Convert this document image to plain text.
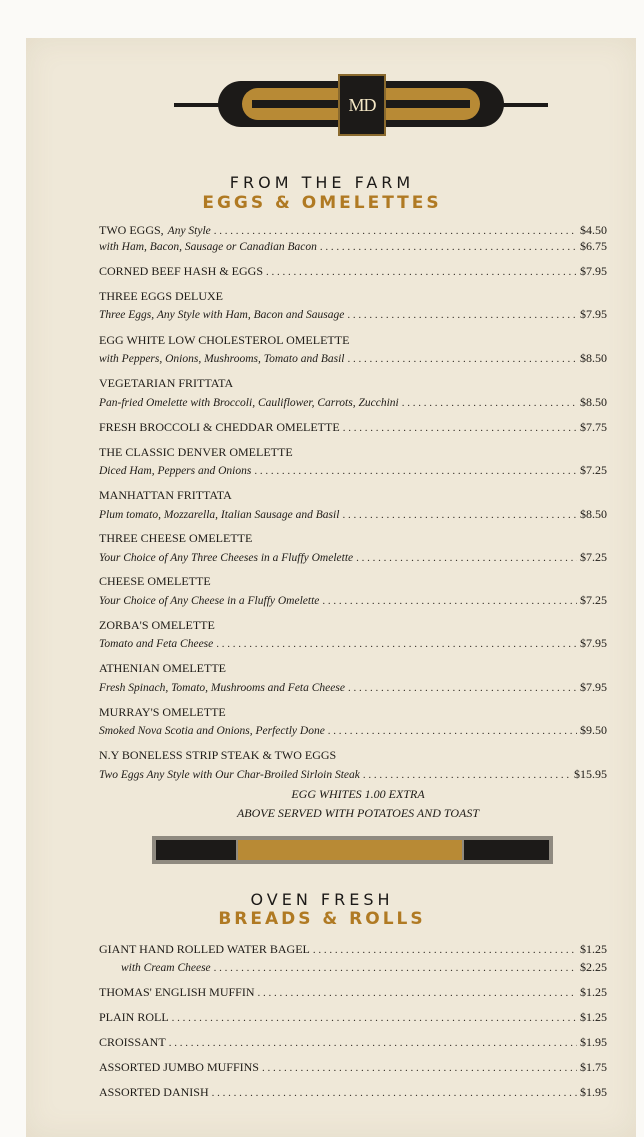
MD
FROM THE FARM
EGGS & OMELETTES
TWO EGGS,
Any Style . . .	$4.50
with Ham, Bacon, Sausage or Canadian Bacon . . .	$6.75
CORNED BEEF HASH & EGGS . . .	$7.95
THREE EGGS DELUXE
Three Eggs, Any Style with Ham, Bacon and Sausage . . .	$7.95
EGG WHITE LOW CHOLESTEROL OMELETTE
with Peppers, Onions, Mushrooms, Tomato and Basil . . .	$8.50
VEGETARIAN FRITTATA
Pan-fried Omelette with Broccoli, Cauliflower, Carrots, Zucchini . . .	$8.50
FRESH BROCCOLI & CHEDDAR OMELETTE . . .	$7.75
THE CLASSIC DENVER OMELETTE
Diced Ham, Peppers and Onions . . .	$7.25
MANHATTAN FRITTATA
Plum tomato, Mozzarella, Italian Sausage and Basil . . .	$8.50
THREE CHEESE OMELETTE
Your Choice of Any Three Cheeses in a Fluffy Omelette . . .	$7.25
CHEESE OMELETTE
Your Choice of Any Cheese in a Fluffy Omelette . . .	$7.25
ZORBA'S OMELETTE
Tomato and Feta Cheese . . .	$7.95
ATHENIAN OMELETTE
Fresh Spinach, Tomato, Mushrooms and Feta Cheese . . .	$7.95
MURRAY'S OMELETTE
Smoked Nova Scotia and Onions, Perfectly Done . . .	$9.50
N.Y BONELESS STRIP STEAK & TWO EGGS
Two Eggs Any Style with Our Char-Broiled Sirloin Steak . . .	$15.95
EGG WHITES 1.00 EXTRA
ABOVE SERVED WITH POTATOES AND TOAST
OVEN FRESH
BREADS & ROLLS
GIANT HAND ROLLED WATER BAGEL . . .	$1.25
with Cream Cheese . . .	$2.25
THOMAS' ENGLISH MUFFIN . . .	$1.25
PLAIN ROLL . . .	$1.25
CROISSANT . . .	$1.95
ASSORTED JUMBO MUFFINS . . .	$1.75
ASSORTED DANISH . . .	$1.95
